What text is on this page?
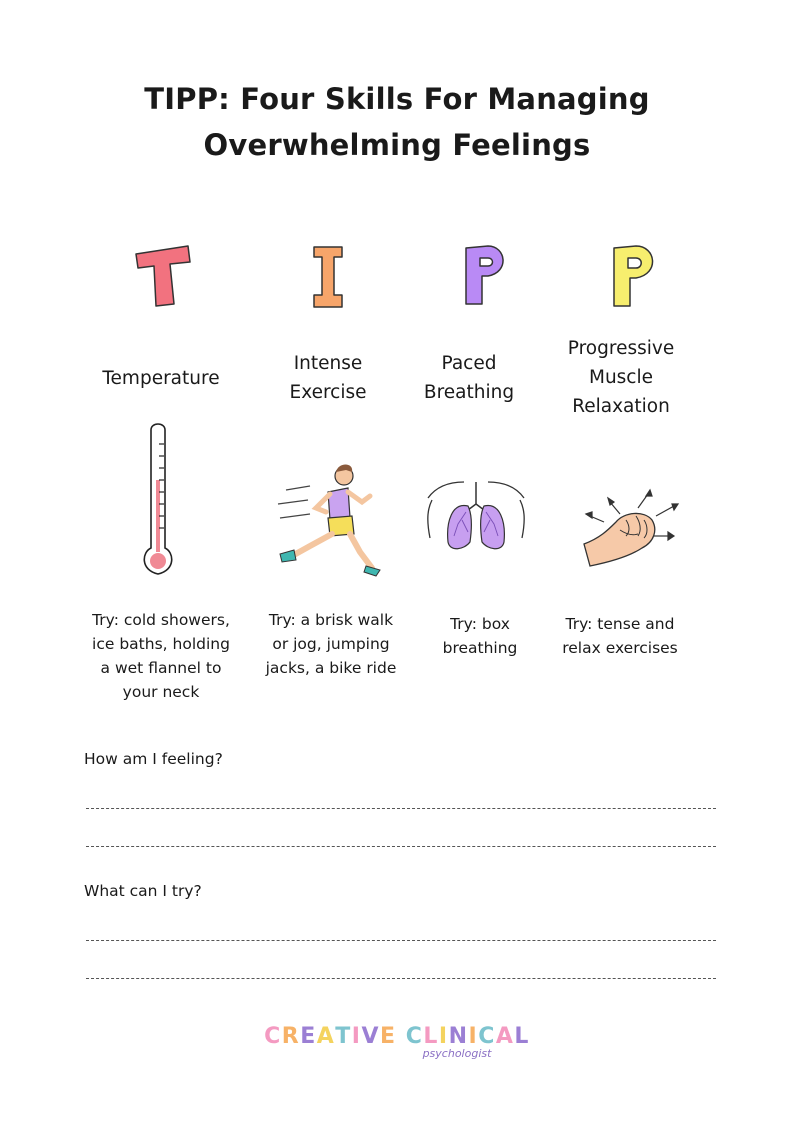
TIPP: Four Skills For Managing
Overwhelming Feelings
Temperature
Intense
Exercise
Paced
Breathing
Progressive
Muscle
Relaxation
Try: cold showers,
ice baths, holding
a wet flannel to
your neck
Try: a brisk walk
or jog, jumping
jacks, a bike ride
Try: box
breathing
Try: tense and
relax exercises
How am I feeling?
What can I try?
CREATIVE CLINICAL
psychologist
